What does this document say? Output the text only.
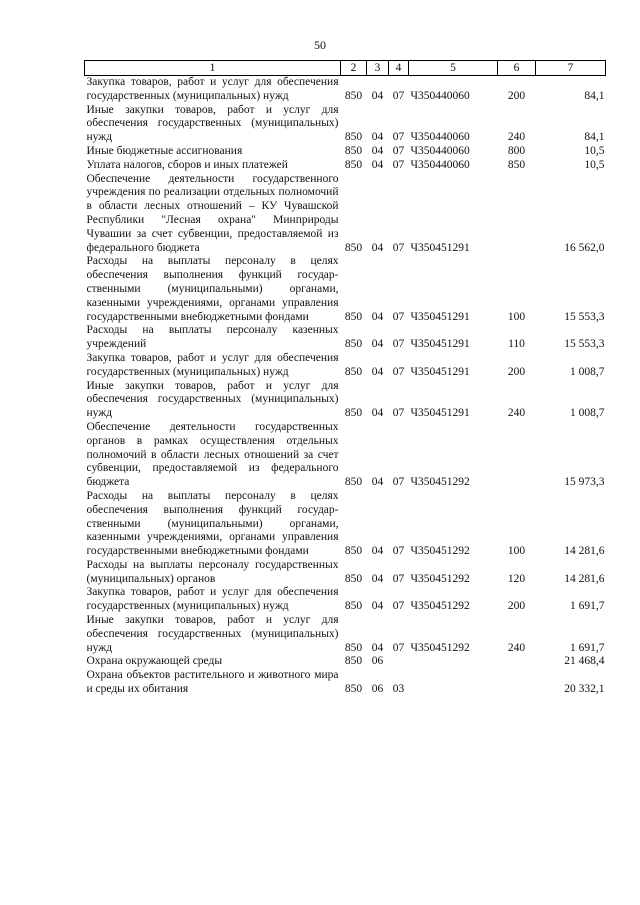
50
1	2	3	4	5	6	7
Закупка товаров, работ и услуг для обеспечения государственных (муниципальных) нужд	850	04	07	Ч350440060	200	84,1
Иные закупки товаров, работ и услуг для обеспечения государственных (муниципальных) нужд	850	04	07	Ч350440060	240	84,1
Иные бюджетные ассигнования	850	04	07	Ч350440060	800	10,5
Уплата налогов, сборов и иных платежей	850	04	07	Ч350440060	850	10,5
Обеспечение деятельности государственного учреждения по реализации отдельных полномочий в области лесных отношений – КУ Чувашской Республики "Лесная охрана" Минприроды Чувашии за счет субвенции, предоставляемой из федерального бюджета	850	04	07	Ч350451291		16 562,0
Расходы на выплаты персоналу в целях обеспечения выполнения функций государственными (муниципальными) органами, казенными учреждениями, органами управления государственными внебюджетными фондами	850	04	07	Ч350451291	100	15 553,3
Расходы на выплаты персоналу казенных учреждений	850	04	07	Ч350451291	110	15 553,3
Закупка товаров, работ и услуг для обеспечения государственных (муниципальных) нужд	850	04	07	Ч350451291	200	1 008,7
Иные закупки товаров, работ и услуг для обеспечения государственных (муниципальных) нужд	850	04	07	Ч350451291	240	1 008,7
Обеспечение деятельности государственных органов в рамках осуществления отдельных полномочий в области лесных отношений за счет субвенции, предоставляемой из федерального бюджета	850	04	07	Ч350451292		15 973,3
Расходы на выплаты персоналу в целях обеспечения выполнения функций государственными (муниципальными) органами, казенными учреждениями, органами управления государственными внебюджетными фондами	850	04	07	Ч350451292	100	14 281,6
Расходы на выплаты персоналу государственных (муниципальных) органов	850	04	07	Ч350451292	120	14 281,6
Закупка товаров, работ и услуг для обеспечения государственных (муниципальных) нужд	850	04	07	Ч350451292	200	1 691,7
Иные закупки товаров, работ и услуг для обеспечения государственных (муниципальных) нужд	850	04	07	Ч350451292	240	1 691,7
Охрана окружающей среды	850	06				21 468,4
Охрана объектов растительного и животного мира и среды их обитания	850	06	03			20 332,1
